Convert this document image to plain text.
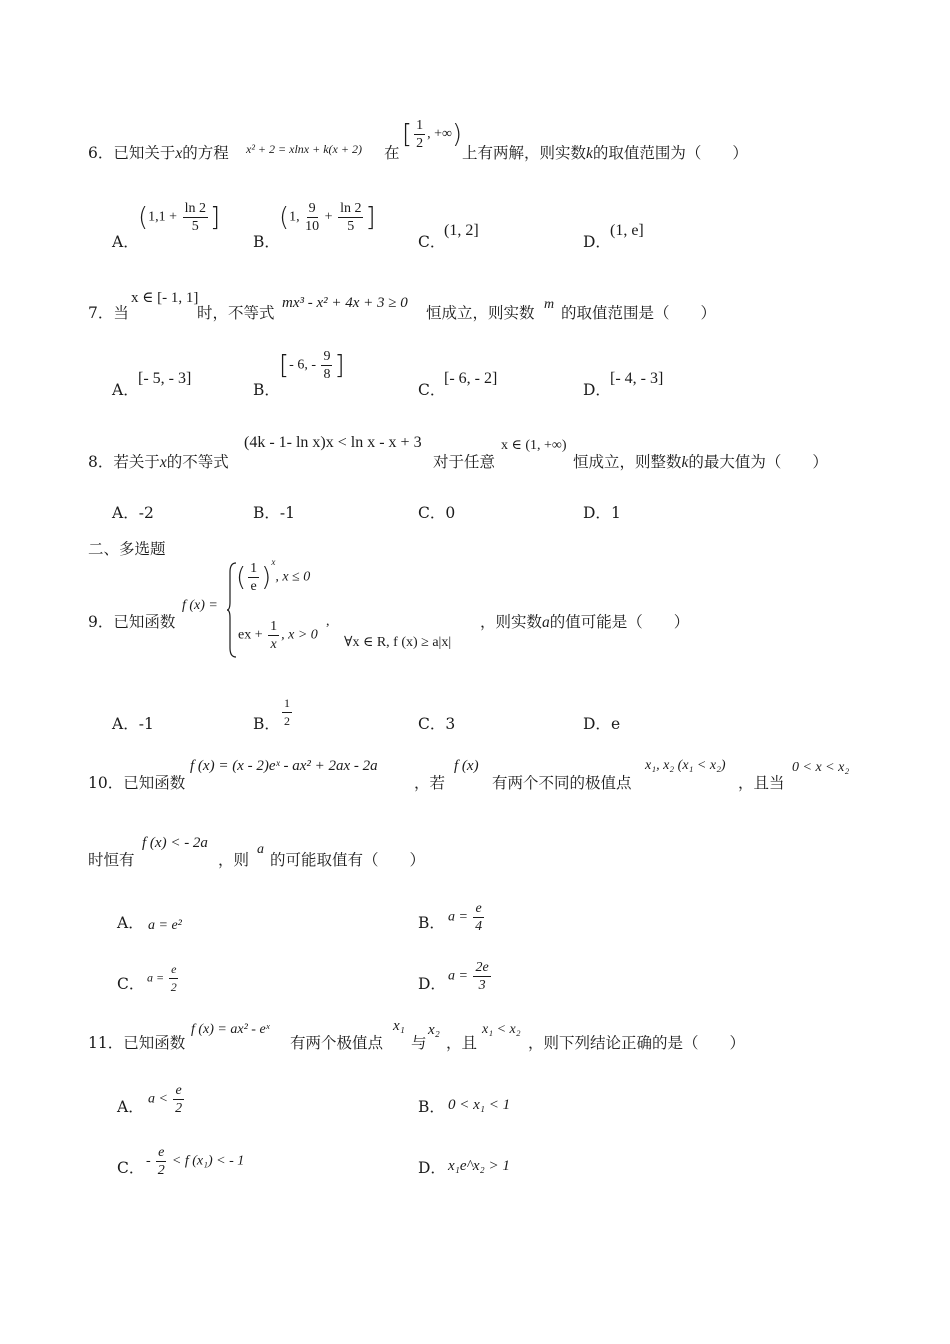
6．已知关于x的方程 x² + 2 = xlnx + k(x + 2) 在
[ $\frac{1}{2}$ , +∞)
上有两解，则实数k的取值范围为（　　）
A．
($1,1 + \frac{\ln 2}{5}$ ]
B．
(1, $\frac{9}{10} + \frac{\ln 2}{5}$ ]
C．
(1, 2]
D．
(1, e]
7．当
x ∈ [- 1, 1]
时，不等式
mx³ - x² + 4x + 3 ≥ 0
恒成立，则实数 m 的取值范围是（　　）
A．
[- 5, - 3]
B．
[- 6, - $\frac{9}{8}$ ]
C．
[- 6, - 2]
D．
[- 4, - 3]
8．若关于x的不等式
(4k - 1- ln x)x < ln x - x + 3
对于任意
x ∈ (1, +∞)
恒成立，则整数k的最大值为（　　）
A．-2	B．-1	C．0	D．1
二、多选题
9．已知函数
f (x) =
( $\frac{1}{e} )^x$, x ≤ 0
ex + $\frac{1}{x}$ , x > 0
,
∀x ∈ R, f (x) ≥ a|x|
，则实数a的值可能是（　　）
A．-1	B． $\frac{1}{2}$	C．3	D．e
10．已知函数
f (x) = (x - 2)eˣ - ax² + 2ax - 2a
，若
f (x)
有两个不同的极值点
x₁, x₂ (x₁ < x₂)
，且当
0 < x < x₂
时恒有
f (x) < - 2a
，则
a
的可能取值有（　　）
A． a = e²	B． $a = \frac{e}{4}$
C． $a = \frac{e}{2}$	D． $a = \frac{2e}{3}$
11．已知函数
f (x) = ax² - eˣ
有两个极值点
x₁
与
x₂
，且
x₁ < x₂
，则下列结论正确的是（　　）
A． $a < \frac{e}{2}$	B． 0 < x₁ < 1
C． - $\frac{e}{2} < f$ (x₁) < - 1	D． x₁e^x₂ > 1
